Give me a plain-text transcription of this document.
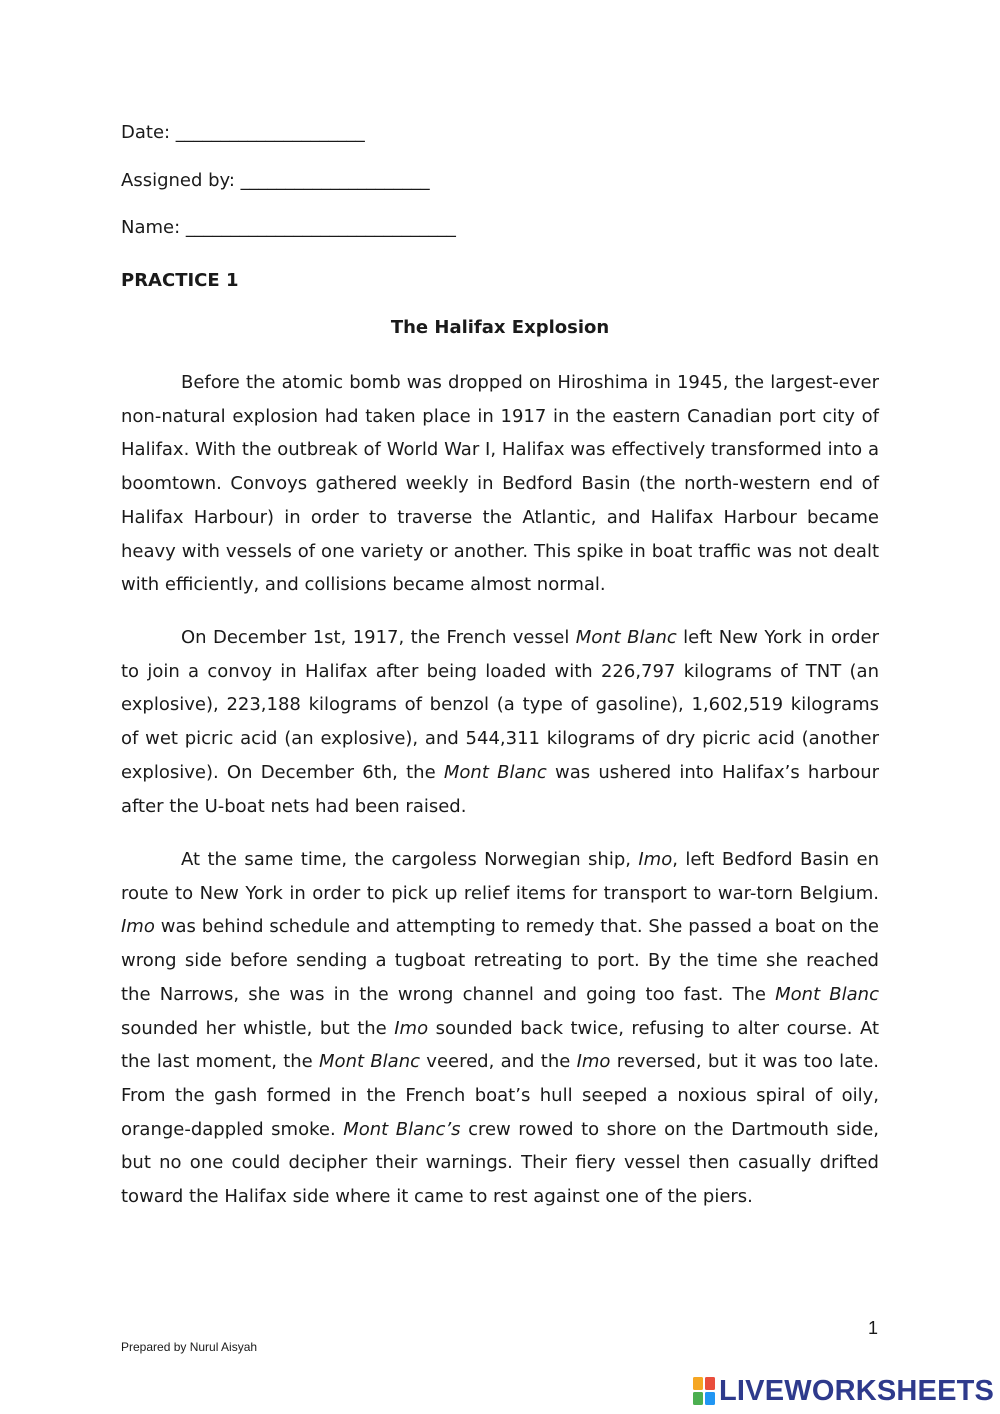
Date: _____________________
Assigned by: _____________________
Name: ______________________________
PRACTICE 1
The Halifax Explosion

Before the atomic bomb was dropped on Hiroshima in 1945, the largest-ever non-natural explosion had taken place in 1917 in the eastern Canadian port city of Halifax. With the outbreak of World War I, Halifax was effectively transformed into a boomtown. Convoys gathered weekly in Bedford Basin (the north-western end of Halifax Harbour) in order to traverse the Atlantic, and Halifax Harbour became heavy with vessels of one variety or another. This spike in boat traffic was not dealt with efficiently, and collisions became almost normal.

On December 1st, 1917, the French vessel Mont Blanc left New York in order to join a convoy in Halifax after being loaded with 226,797 kilograms of TNT (an explosive), 223,188 kilograms of benzol (a type of gasoline), 1,602,519 kilograms of wet picric acid (an explosive), and 544,311 kilograms of dry picric acid (another explosive). On December 6th, the Mont Blanc was ushered into Halifax’s harbour after the U-boat nets had been raised.

At the same time, the cargoless Norwegian ship, Imo, left Bedford Basin en route to New York in order to pick up relief items for transport to war-torn Belgium. Imo was behind schedule and attempting to remedy that. She passed a boat on the wrong side before sending a tugboat retreating to port. By the time she reached the Narrows, she was in the wrong channel and going too fast. The Mont Blanc sounded her whistle, but the Imo sounded back twice, refusing to alter course. At the last moment, the Mont Blanc veered, and the Imo reversed, but it was too late. From the gash formed in the French boat’s hull seeped a noxious spiral of oily, orange-dappled smoke. Mont Blanc’s crew rowed to shore on the Dartmouth side, but no one could decipher their warnings. Their fiery vessel then casually drifted toward the Halifax side where it came to rest against one of the piers.

1
Prepared by Nurul Aisyah
LIVEWORKSHEETS
